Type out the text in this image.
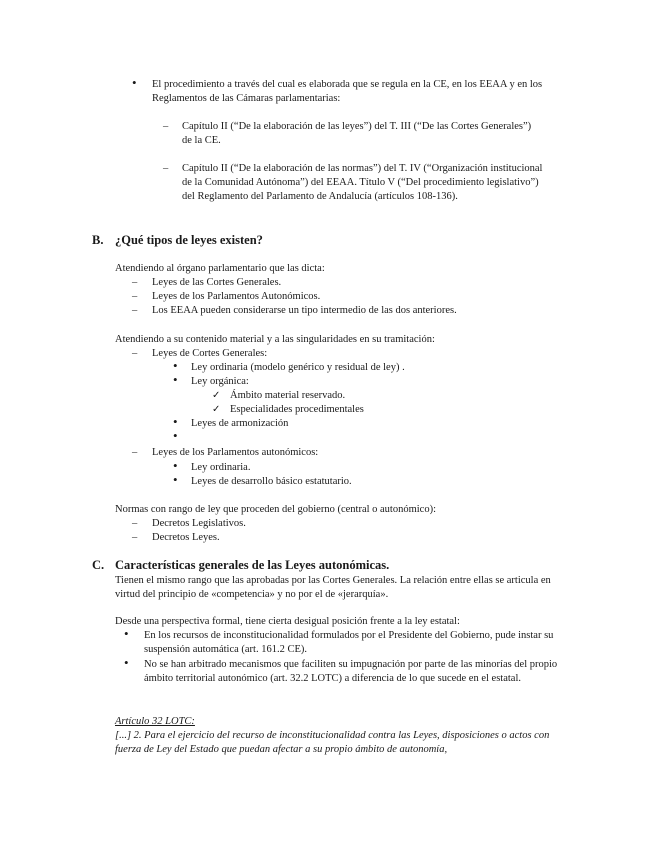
•

El procedimiento a través del cual es elaborada que se regula en la CE, en los EEAA y en los Reglamentos de las Cámaras parlamentarias:

–

Capítulo II (“De la elaboración de las leyes”) del T. III (“De las Cortes Generales”) de la CE.

–

Capítulo II (“De la elaboración de las normas”) del T. IV (“Organización institucional de la Comunidad Autónoma”) del EEAA. Título V (“Del procedimiento legislativo”) del Reglamento del Parlamento de Andalucía (artículos 108-136).

B. ¿Qué tipos de leyes existen?

Atendiendo al órgano parlamentario que las dicta:

–

Leyes de las Cortes Generales.

–

Leyes de los Parlamentos Autonómicos.

–

Los EEAA pueden considerarse un tipo intermedio de las dos anteriores.

Atendiendo a su contenido material y a las singularidades en su tramitación:

–

Leyes de Cortes Generales:

•

Ley ordinaria (modelo genérico y residual de ley) .

•

Ley orgánica:

✓

Ámbito material reservado.

✓

Especialidades procedimentales

•

Leyes de armonización

•

–

Leyes de los Parlamentos autonómicos:

•

Ley ordinaria.

•

Leyes de desarrollo básico estatutario.

Normas con rango de ley que proceden del gobierno (central o autonómico):

–

Decretos Legislativos.

–

Decretos Leyes.

C. Características generales de las Leyes autonómicas.

Tienen el mismo rango que las aprobadas por las Cortes Generales. La relación entre ellas se articula en virtud del principio de «competencia» y no por el de «jerarquía».

Desde una perspectiva formal, tiene cierta desigual posición frente a la ley estatal:

•

En los recursos de inconstitucionalidad formulados por el Presidente del Gobierno, pude instar su suspensión automática (art. 161.2 CE).

•

No se han arbitrado mecanismos que faciliten su impugnación por parte de las minorías del propio ámbito territorial autonómico (art. 32.2 LOTC) a diferencia de lo que sucede en el estatal.

Artículo 32 LOTC:

[...] 2. Para el ejercicio del recurso de inconstitucionalidad contra las Leyes, disposiciones o actos con fuerza de Ley del Estado que puedan afectar a su propio ámbito de autonomía,
